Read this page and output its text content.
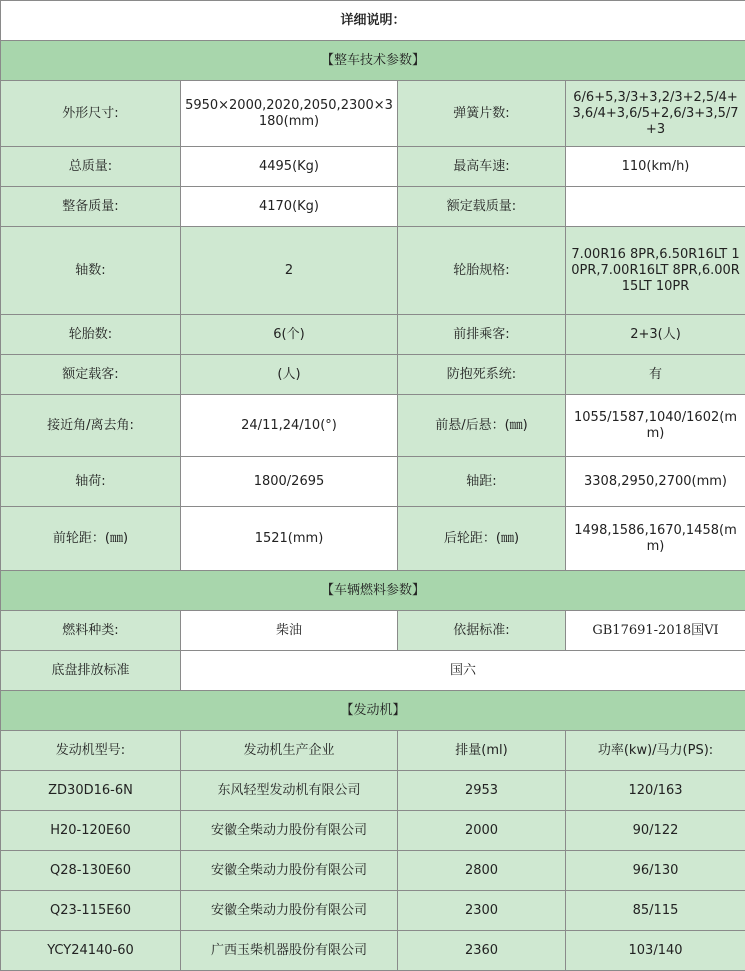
详细说明：			
【整车技术参数】			
外形尺寸:	5950×2000,2020,2050,2300×3180(mm)	弹簧片数:	6/6+5,3/3+3,2/3+2,5/4+3,6/4+3,6/5+2,6/3+3,5/7+3
总质量:	4495(Kg)	最高车速:	110(km/h)
整备质量:	4170(Kg)	额定载质量:	
轴数:	2	轮胎规格:	7.00R16 8PR,6.50R16LT 10PR,7.00R16LT 8PR,6.00R15LT 10PR
轮胎数:	6(个)	前排乘客:	2+3(人)
额定载客:	(人)	防抱死系统:	有
接近角/离去角:	24/11,24/10(°)	前悬/后悬：(㎜)	1055/1587,1040/1602(mm)
轴荷:	1800/2695	轴距:	3308,2950,2700(mm)
前轮距：(㎜)	1521(mm)	后轮距：(㎜)	1498,1586,1670,1458(mm)
【车辆燃料参数】			
燃料种类:	柴油	依据标准:	GB17691-2018国VI
底盘排放标准	国六		
【发动机】			
发动机型号:	发动机生产企业	排量(ml)	功率(kw)/马力(PS):
ZD30D16-6N	东风轻型发动机有限公司	2953	120/163
H20-120E60	安徽全柴动力股份有限公司	2000	90/122
Q28-130E60	安徽全柴动力股份有限公司	2800	96/130
Q23-115E60	安徽全柴动力股份有限公司	2300	85/115
YCY24140-60	广西玉柴机器股份有限公司	2360	103/140
